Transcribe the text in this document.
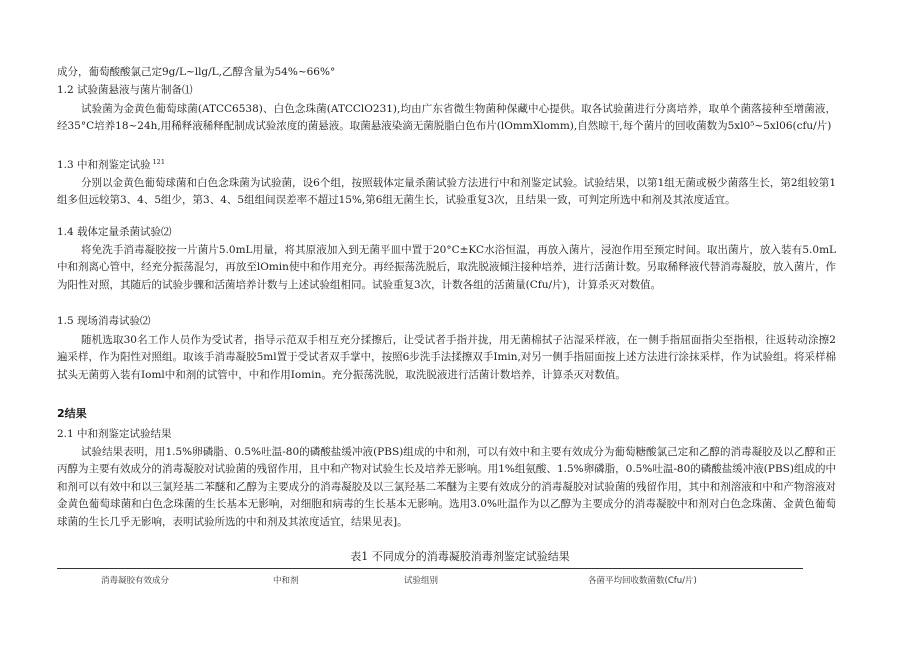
成分，葡萄酸酸氯己定9g/L~llg/L,乙醇含量为54%~66%°

1.2 试验菌悬液与菌片制备⑴

试验菌为金黄色葡萄球菌(ATCC6538)、白色念珠菌(ATCClO231),均由广东省微生物菌种保藏中心提供。取各试验菌进行分离培养，取单个菌落接种至增菌液，经35°C培养18~24h,用稀释液稀释配制成试验浓度的菌悬液。取菌悬液染滴无菌脱脂白色布片(lOmmXlomm),自然晾干,每个菌片的回收菌数为5xl0⁵~5xl06(cfu/片)

1.3 中和剂鉴定试验 $^{121}$

分别以金黄色葡萄球菌和白色念珠菌为试验菌，设6个组，按照载体定量杀菌试验方法进行中和剂鉴定试验。试验结果，以第1组无菌或极少菌落生长，第2组较第1组多但远较第3、4、5组少，第3、4、5组组间误差率不超过15%,第6组无菌生长，试验重复3次，且结果一致，可判定所选中和剂及其浓度适宜。

1.4 载体定量杀菌试验⑵

将免洗手消毒凝胶按一片菌片5.0mL用量，将其原液加入到无菌平皿中置于20°C±KC水浴恒温，再放入菌片，浸泡作用至预定时间。取出菌片，放入装有5.0mL中和剂离心管中，经充分振荡混匀，再放至lOmin使中和作用充分。再经振荡洗脱后，取洗脱液倾注接种培养，进行活菌计数。另取稀释液代替消毒凝胶，放入菌片，作为阳性对照，其随后的试验步骤和活菌培养计数与上述试验组相同。试验重复3次，计数各组的活菌量(Cfu/片)，计算杀灭对数值。

1.5 现场消毒试验⑵

随机选取30名工作人员作为受试者，指导示范双手相互充分揉擦后，让受试者手指并拢，用无菌棉拭子沾湿采样液，在一侧手指屈面指尖至指根，往返转动涂擦2遍采样，作为阳性对照组。取该手消毒凝胶5ml置于受试者双手掌中，按照6步洗手法揉擦双手Imin,对另一侧手指屈面按上述方法进行涂抹采样，作为试验组。将采样棉拭头无菌剪入装有Ioml中和剂的试管中，中和作用Iomin。充分振荡洗脱，取洗脱液进行活菌计数培养，计算杀灭对数值。

2结果

2.1 中和剂鉴定试验结果

试验结果表明，用1.5%卵磷脂、0.5%吐温-80的磷酸盐缓冲液(PBS)组成的中和剂，可以有效中和主要有效成分为葡萄糖酸氯己定和乙醇的消毒凝胶及以乙醇和正丙醇为主要有效成分的消毒凝胶对试验菌的残留作用，且中和产物对试验生长及培养无影响。用1%组氨酸、1.5%卵磷脂，0.5%吐温-80的磷酸盐缓冲液(PBS)组成的中和剂可以有效中和以三氯羟基二苯醚和乙醇为主要成分的消毒凝胶及以三氯羟基二苯醚为主要有效成分的消毒凝胶对试验菌的残留作用，其中和剂溶液和中和产物溶液对金黄色葡萄球菌和白色念珠菌的生长基本无影响，对细胞和病毒的生长基本无影响。选用3.0%吐温作为以乙醇为主要成分的消毒凝胶中和剂对白色念珠菌、金黄色葡萄球菌的生长几乎无影响，表明试验所选的中和剂及其浓度适宜，结果见表]。

表1 不同成分的消毒凝胶消毒剂鉴定试验结果
消毒凝胶有效成分	中和剂	试验组别	各菌平均回收数菌数(Cfu/片)
